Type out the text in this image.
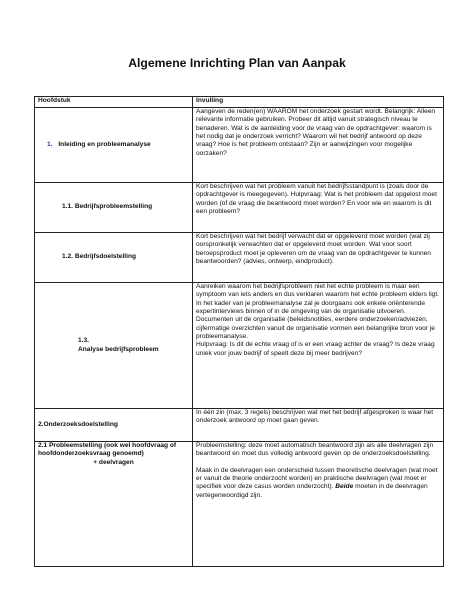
Algemene Inrichting Plan van Aanpak
Hoofdstuk	Invulling
1. Inleiding en probleemanalyse	Aangeven de reden(en) WAAROM het onderzoek gestart wordt. Belangrijk: Alleen relevante informatie gebruiken. Probeer dit altijd vanuit strategisch niveau te benaderen. Wat is de aanleiding voor de vraag van de opdrachtgever: waarom is het nodig dat je onderzoek verricht? Waarom wil het bedrijf antwoord op deze vraag? Hoe is het probleem ontstaan? Zijn er aanwijzingen voor mogelijke oorzaken?
1.1. Bedrijfsprobleemstelling	Kort beschrijven wat het probleem vanuit het bedrijfsstandpunt is (zoals door de opdrachtgever is meegegeven). Hulpvraag: Wat is het probleem dat opgelost moet worden (of de vraag die beantwoord moet worden? En voor wie en waarom is dit een probleem?
1.2. Bedrijfsdoelstelling	Kort beschrijven wat het bedrijf verwacht dat er opgeleverd moet worden (wat zij oorspronkelijk verwachten dat er opgeleverd moet worden. Wat voor soort beroepsproduct moet je opleveren om de vraag van de opdrachtgever te kunnen beantwoorden? (advies, ontwerp, eindproduct).

1.3.
Analyse bedrijfsprobleem	Aanreiken waarom het bedrijfsprobleem niet het echte probleem is maar een symptoom van iets anders en dus verklaren waarom het echte probleem elders ligt. In het kader van je probleemanalyse zal je doorgaans ook enkele oriënterende expertinterviews binnen of in de omgeving van de organisatie uitvoeren. Documenten uit de organisatie (beleidsnotities, eerdere onderzoeken/adviezen, cijfermatige overzichten vanuit de organisatie vormen een belangrijke bron voor je probleemanalyse.
Hulpvraag: Is dit de echte vraag of is er een vraag achter de vraag? Is deze vraag uniek voor jouw bedrijf of speelt deze bij meer bedrijven?

2.Onderzoeksdoelstelling	In één zin (max. 3 regels) beschrijven wat met het bedrijf afgesproken is waar het onderzoek antwoord op moet gaan geven.

2.1 Probleemstelling (ook wel hoofdvraag of hoofdonderzoeksvraag genoemd)
+ deelvragen	Probleemstelling: deze moet automatisch beantwoord zijn als alle deelvragen zijn beantwoord en moet dus volledig antwoord geven op de onderzoeksdoelstelling.
Maak in de deelvragen een onderscheid tussen theoretische deelvragen (wat moet er vanuit de theorie onderzocht worden) en praktische deelvragen (wat moet er specifiek voor deze casus worden onderzocht). Beide moeten in de deelvragen vertegenwoordigd zijn.
